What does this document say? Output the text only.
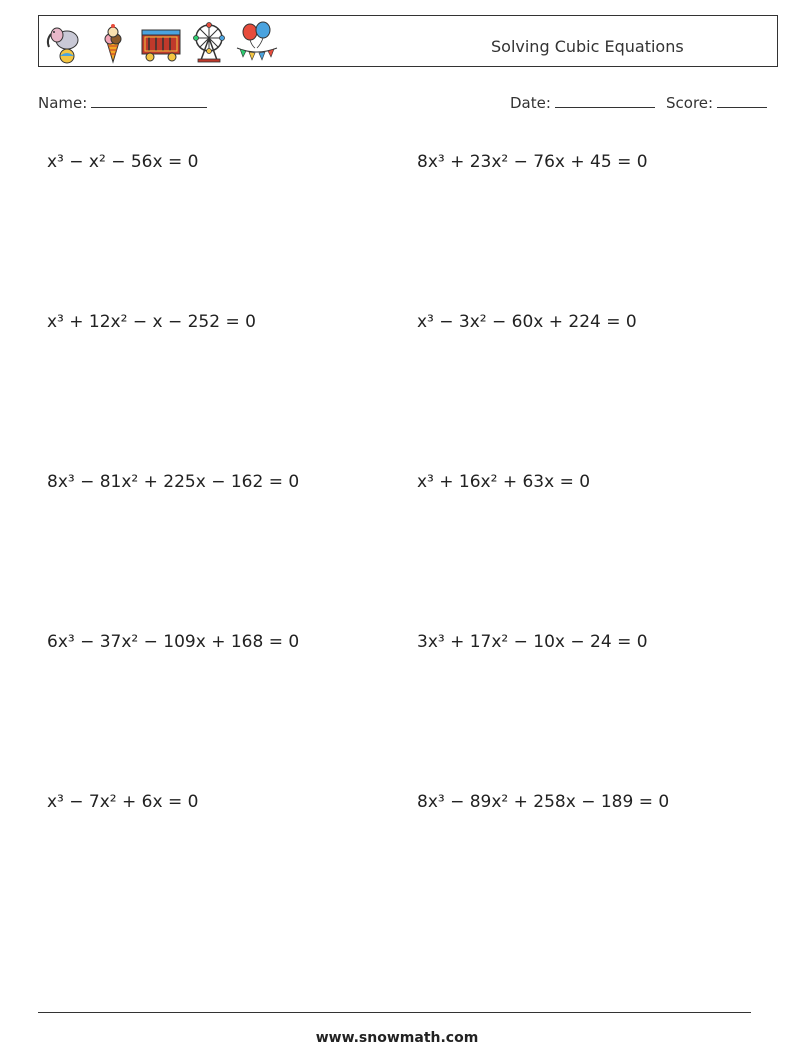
Solving Cubic Equations
Name:	Date:	Score:
x³ − x² − 56x = 0	8x³ + 23x² − 76x + 45 = 0
x³ + 12x² − x − 252 = 0	x³ − 3x² − 60x + 224 = 0
8x³ − 81x² + 225x − 162 = 0	x³ + 16x² + 63x = 0
6x³ − 37x² − 109x + 168 = 0	3x³ + 17x² − 10x − 24 = 0
x³ − 7x² + 6x = 0	8x³ − 89x² + 258x − 189 = 0
www.snowmath.com
